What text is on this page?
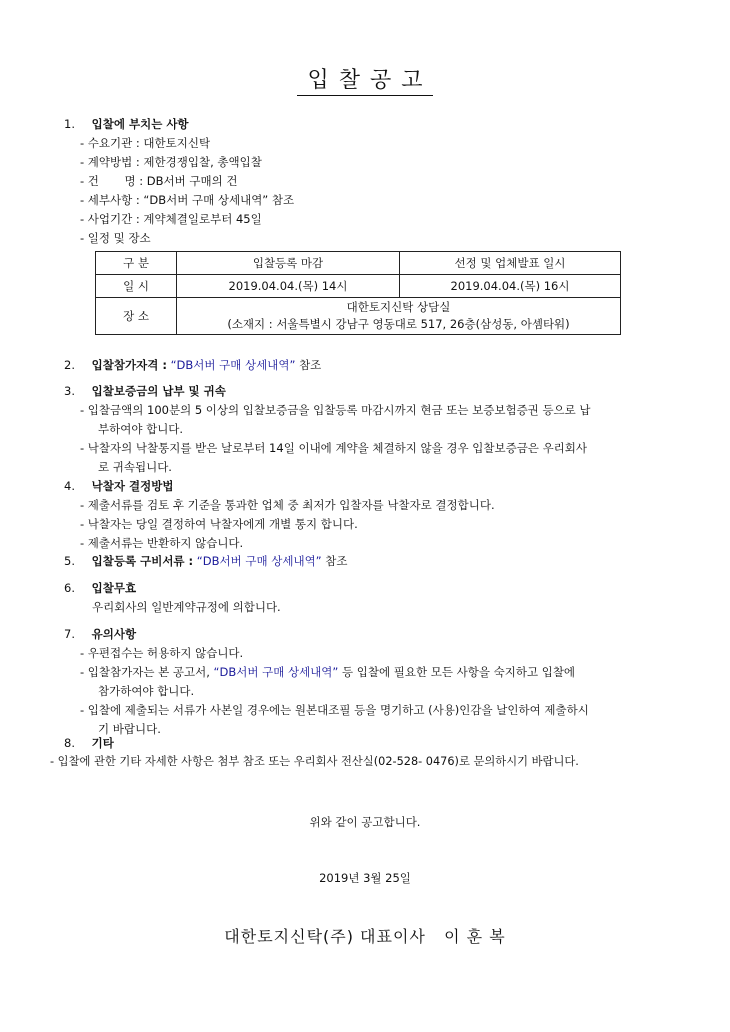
입찰공고
1. 입찰에 부치는 사항
- 수요기관 : 대한토지신탁
- 계약방법 : 제한경쟁입찰, 총액입찰
- 건       명 : DB서버 구매의 건
- 세부사항 : “DB서버 구매 상세내역” 참조
- 사업기간 : 계약체결일로부터 45일
- 일정 및 장소
구 분	입찰등록 마감	선정 및 업체발표 일시
일 시	2019.04.04.(목) 14시	2019.04.04.(목) 16시
장 소	대한토지신탁 상담실
(소재지 : 서울특별시 강남구 영동대로 517, 26층(삼성동, 아셈타워)	
2. 입찰참가자격 : “DB서버 구매 상세내역” 참조
3. 입찰보증금의 납부 및 귀속
- 입찰금액의 100분의 5 이상의 입찰보증금을 입찰등록 마감시까지 현금 또는 보증보험증권 등으로 납
부하여야 합니다.
- 낙찰자의 낙찰통지를 받은 날로부터 14일 이내에 계약을 체결하지 않을 경우 입찰보증금은 우리회사
로 귀속됩니다.
4. 낙찰자 결정방법
- 제출서류를 검토 후 기준을 통과한 업체 중 최저가 입찰자를 낙찰자로 결정합니다.
- 낙찰자는 당일 결정하여 낙찰자에게 개별 통지 합니다.
- 제출서류는 반환하지 않습니다.
5. 입찰등록 구비서류 : “DB서버 구매 상세내역” 참조
6. 입찰무효
우리회사의 일반계약규정에 의합니다.
7. 유의사항
- 우편접수는 허용하지 않습니다.
- 입찰참가자는 본 공고서, “DB서버 구매 상세내역” 등 입찰에 필요한 모든 사항을 숙지하고 입찰에
참가하여야 합니다.
- 입찰에 제출되는 서류가 사본일 경우에는 원본대조필 등을 명기하고 (사용)인감을 날인하여 제출하시
기 바랍니다.
8. 기타
- 입찰에 관한 기타 자세한 사항은 첨부 참조 또는 우리회사 전산실(02-528- 0476)로 문의하시기 바랍니다.
위와 같이 공고합니다.
2019년 3월 25일
대한토지신탁(주) 대표이사   이 훈 복
